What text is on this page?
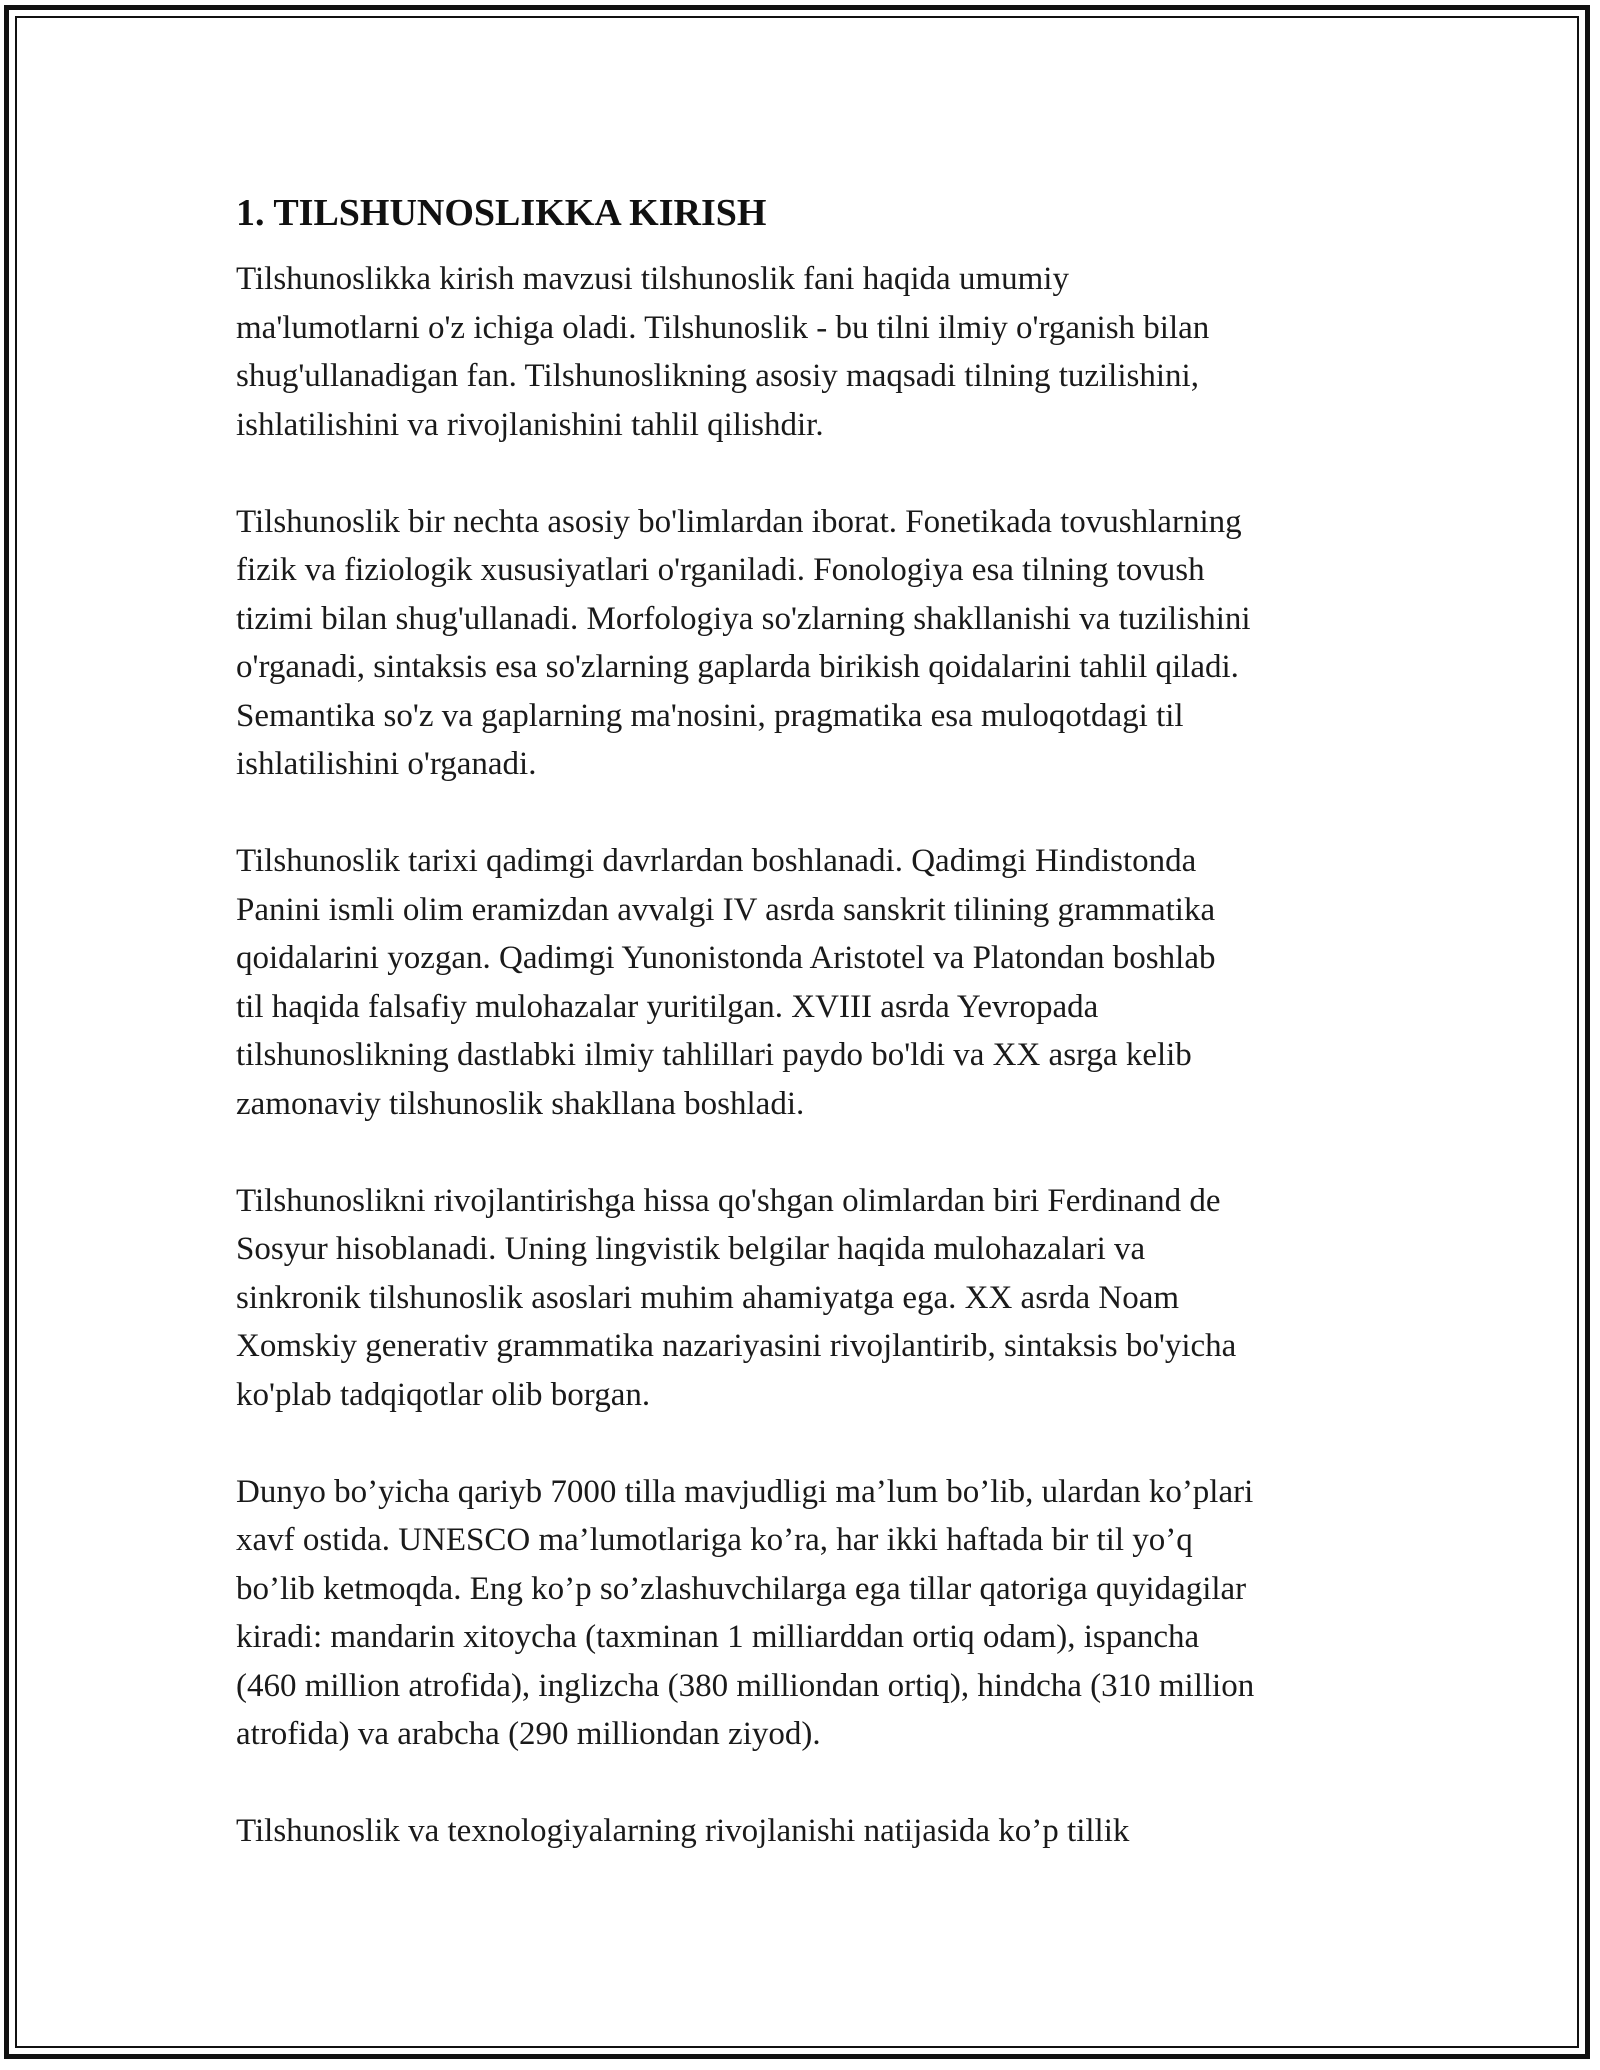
1. TILSHUNOSLIKKA KIRISH

Tilshunoslikka kirish mavzusi tilshunoslik fani haqida umumiy
ma'lumotlarni o'z ichiga oladi. Tilshunoslik - bu tilni ilmiy o'rganish bilan
shug'ullanadigan fan. Tilshunoslikning asosiy maqsadi tilning tuzilishini,
ishlatilishini va rivojlanishini tahlil qilishdir.

Tilshunoslik bir nechta asosiy bo'limlardan iborat. Fonetikada tovushlarning
fizik va fiziologik xususiyatlari o'rganiladi. Fonologiya esa tilning tovush
tizimi bilan shug'ullanadi. Morfologiya so'zlarning shakllanishi va tuzilishini
o'rganadi, sintaksis esa so'zlarning gaplarda birikish qoidalarini tahlil qiladi.
Semantika so'z va gaplarning ma'nosini, pragmatika esa muloqotdagi til
ishlatilishini o'rganadi.

Tilshunoslik tarixi qadimgi davrlardan boshlanadi. Qadimgi Hindistonda
Panini ismli olim eramizdan avvalgi IV asrda sanskrit tilining grammatika
qoidalarini yozgan. Qadimgi Yunonistonda Aristotel va Platondan boshlab
til haqida falsafiy mulohazalar yuritilgan. XVIII asrda Yevropada
tilshunoslikning dastlabki ilmiy tahlillari paydo bo'ldi va XX asrga kelib
zamonaviy tilshunoslik shakllana boshladi.

Tilshunoslikni rivojlantirishga hissa qo'shgan olimlardan biri Ferdinand de
Sosyur hisoblanadi. Uning lingvistik belgilar haqida mulohazalari va
sinkronik tilshunoslik asoslari muhim ahamiyatga ega. XX asrda Noam
Xomskiy generativ grammatika nazariyasini rivojlantirib, sintaksis bo'yicha
ko'plab tadqiqotlar olib borgan.

Dunyo bo’yicha qariyb 7000 tilla mavjudligi ma’lum bo’lib, ulardan ko’plari
xavf ostida. UNESCO ma’lumotlariga ko’ra, har ikki haftada bir til yo’q
bo’lib ketmoqda. Eng ko’p so’zlashuvchilarga ega tillar qatoriga quyidagilar
kiradi: mandarin xitoycha (taxminan 1 milliarddan ortiq odam), ispancha
(460 million atrofida), inglizcha (380 milliondan ortiq), hindcha (310 million
atrofida) va arabcha (290 milliondan ziyod).

Tilshunoslik va texnologiyalarning rivojlanishi natijasida ko’p tillik
